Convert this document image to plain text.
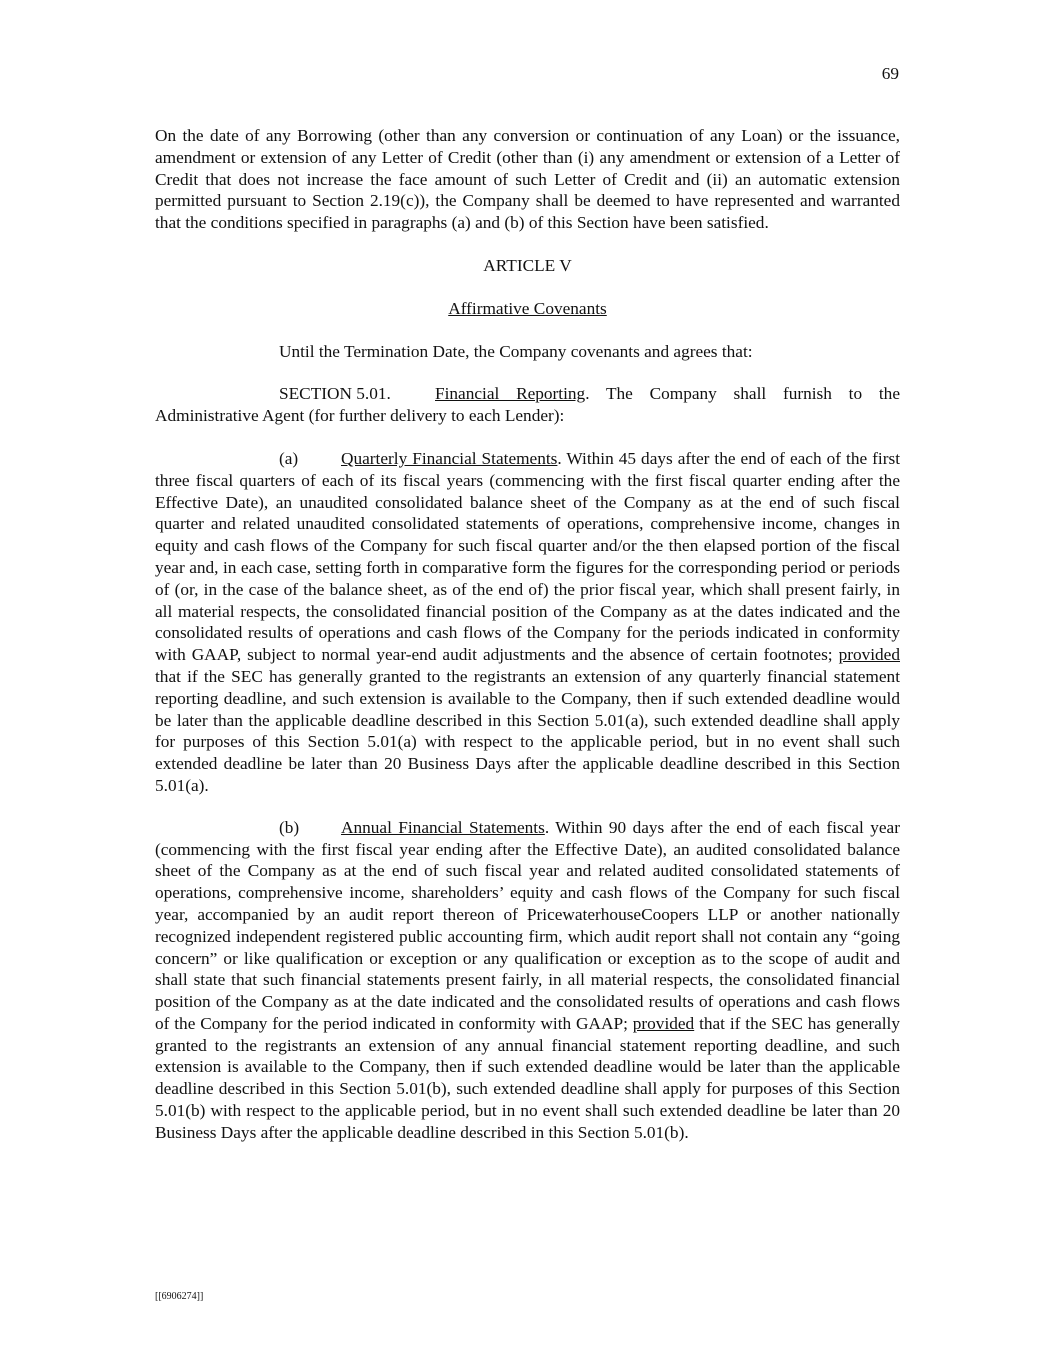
69

On the date of any Borrowing (other than any conversion or continuation of any Loan) or the issuance, amendment or extension of any Letter of Credit (other than (i) any amendment or extension of a Letter of Credit that does not increase the face amount of such Letter of Credit and (ii) an automatic extension permitted pursuant to Section 2.19(c)), the Company shall be deemed to have represented and warranted that the conditions specified in paragraphs (a) and (b) of this Section have been satisfied.

ARTICLE V

Affirmative Covenants

Until the Termination Date, the Company covenants and agrees that:

SECTION 5.01.	Financial Reporting. The Company shall furnish to the Administrative Agent (for further delivery to each Lender):

(a) Quarterly Financial Statements. Within 45 days after the end of each of the first three fiscal quarters of each of its fiscal years (commencing with the first fiscal quarter ending after the Effective Date), an unaudited consolidated balance sheet of the Company as at the end of such fiscal quarter and related unaudited consolidated statements of operations, comprehensive income, changes in equity and cash flows of the Company for such fiscal quarter and/or the then elapsed portion of the fiscal year and, in each case, setting forth in comparative form the figures for the corresponding period or periods of (or, in the case of the balance sheet, as of the end of) the prior fiscal year, which shall present fairly, in all material respects, the consolidated financial position of the Company as at the dates indicated and the consolidated results of operations and cash flows of the Company for the periods indicated in conformity with GAAP, subject to normal year-end audit adjustments and the absence of certain footnotes; provided that if the SEC has generally granted to the registrants an extension of any quarterly financial statement reporting deadline, and such extension is available to the Company, then if such extended deadline would be later than the applicable deadline described in this Section 5.01(a), such extended deadline shall apply for purposes of this Section 5.01(a) with respect to the applicable period, but in no event shall such extended deadline be later than 20 Business Days after the applicable deadline described in this Section 5.01(a).

(b) Annual Financial Statements. Within 90 days after the end of each fiscal year (commencing with the first fiscal year ending after the Effective Date), an audited consolidated balance sheet of the Company as at the end of such fiscal year and related audited consolidated statements of operations, comprehensive income, shareholders’ equity and cash flows of the Company for such fiscal year, accompanied by an audit report thereon of PricewaterhouseCoopers LLP or another nationally recognized independent registered public accounting firm, which audit report shall not contain any “going concern” or like qualification or exception or any qualification or exception as to the scope of audit and shall state that such financial statements present fairly, in all material respects, the consolidated financial position of the Company as at the date indicated and the consolidated results of operations and cash flows of the Company for the period indicated in conformity with GAAP; provided that if the SEC has generally granted to the registrants an extension of any annual financial statement reporting deadline, and such extension is available to the Company, then if such extended deadline would be later than the applicable deadline described in this Section 5.01(b), such extended deadline shall apply for purposes of this Section 5.01(b) with respect to the applicable period, but in no event shall such extended deadline be later than 20 Business Days after the applicable deadline described in this Section 5.01(b).

[[6906274]]
